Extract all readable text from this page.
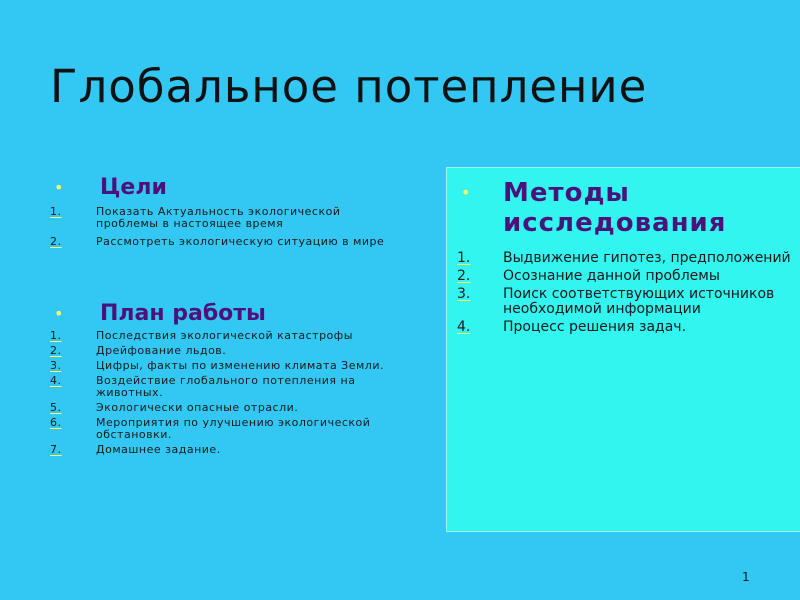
Глобальное потепление
•	Цели
1.	Показать Актуальность экологической проблемы в настоящее время
2.	Рассмотреть экологическую ситуацию в мире
•	План работы
1.	Последствия экологической катастрофы
2.	Дрейфование льдов.
3.	Цифры, факты по изменению климата Земли.
4.	Воздействие глобального потепления на животных.
5.	Экологически опасные отрасли.
6.	Мероприятия по улучшению экологической обстановки.
7.	Домашнее задание.
•	Методы исследования
1.	Выдвижение гипотез, предположений
2.	Осознание данной проблемы
3.	Поиск соответствующих источников необходимой информации
4.	Процесс решения задач.
1
